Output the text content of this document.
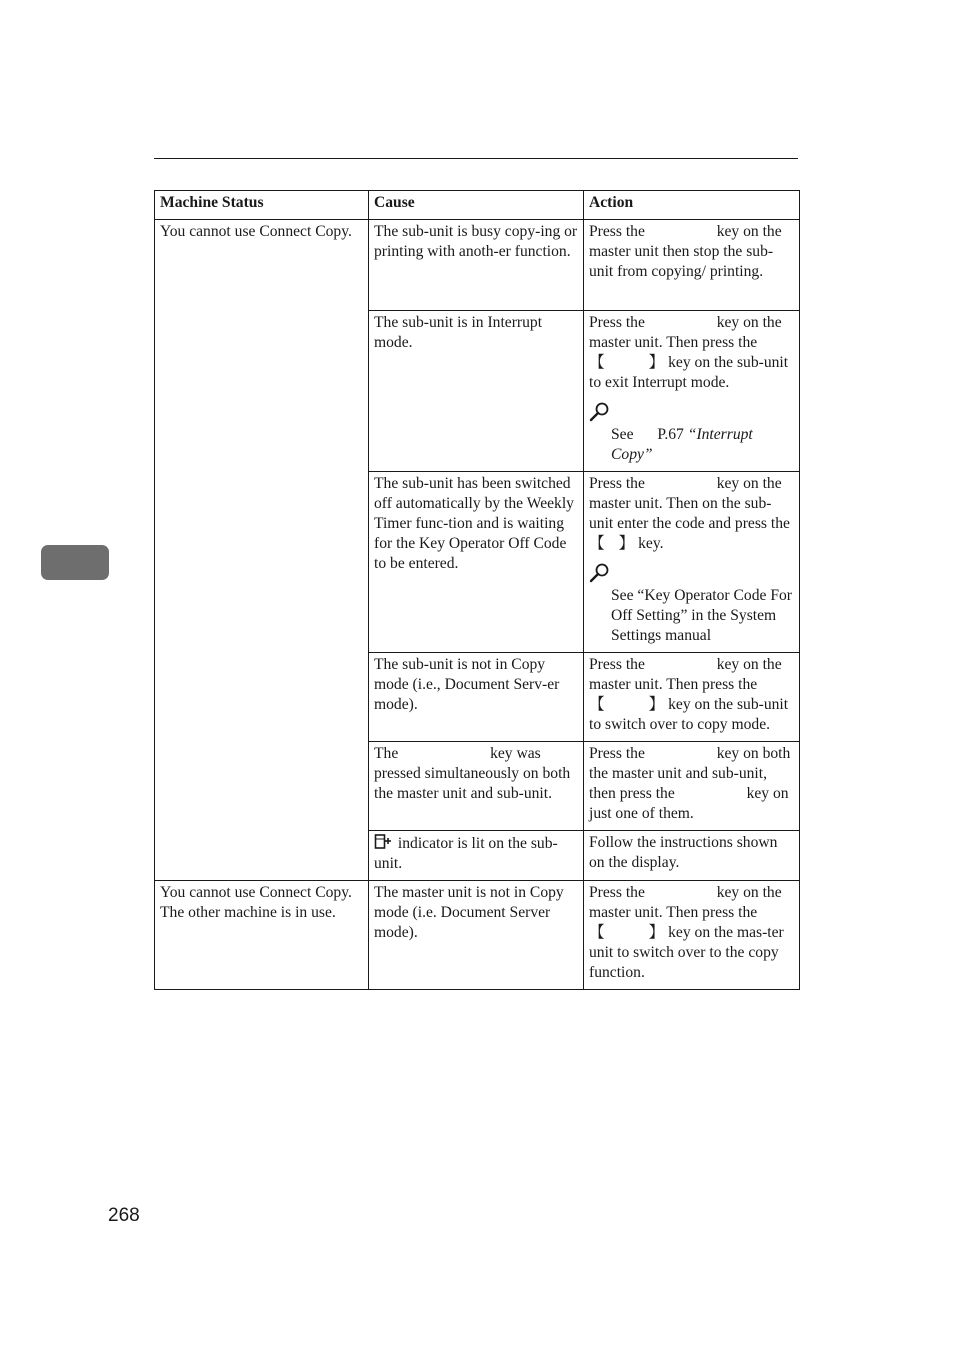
Machine Status	Cause	Action
You cannot use Connect Copy.	The sub-unit is busy copy-ing or printing with anoth-er function.	Press the key on the master unit then stop the sub-unit from copying/ printing.
	The sub-unit is in Interrupt mode.	Press the key on the master unit. Then press the 【 】 key on the sub-unit to exit Interrupt mode.
See P.67 “Interrupt Copy”

	The sub-unit has been switched off automatically by the Weekly Timer func-tion and is waiting for the Key Operator Off Code to be entered.	Press the key on the master unit. Then on the sub-unit enter the code and press the 【 】 key.
See “Key Operator Code For Off Setting” in the System Settings manual

	The sub-unit is not in Copy mode (i.e., Document Serv-er mode).	Press the key on the master unit. Then press the 【 】 key on the sub-unit to switch over to copy mode.
	The key was pressed simultaneously on both the master unit and sub-unit.	Press the key on both the master unit and sub-unit, then press the key on just one of them.
	indicator is lit on the sub-unit.	Follow the instructions shown on the display.
You cannot use Connect Copy. The other machine is in use.	The master unit is not in Copy mode (i.e. Document Server mode).	Press the key on the master unit. Then press the 【 】 key on the mas-ter unit to switch over to the copy function.
268
